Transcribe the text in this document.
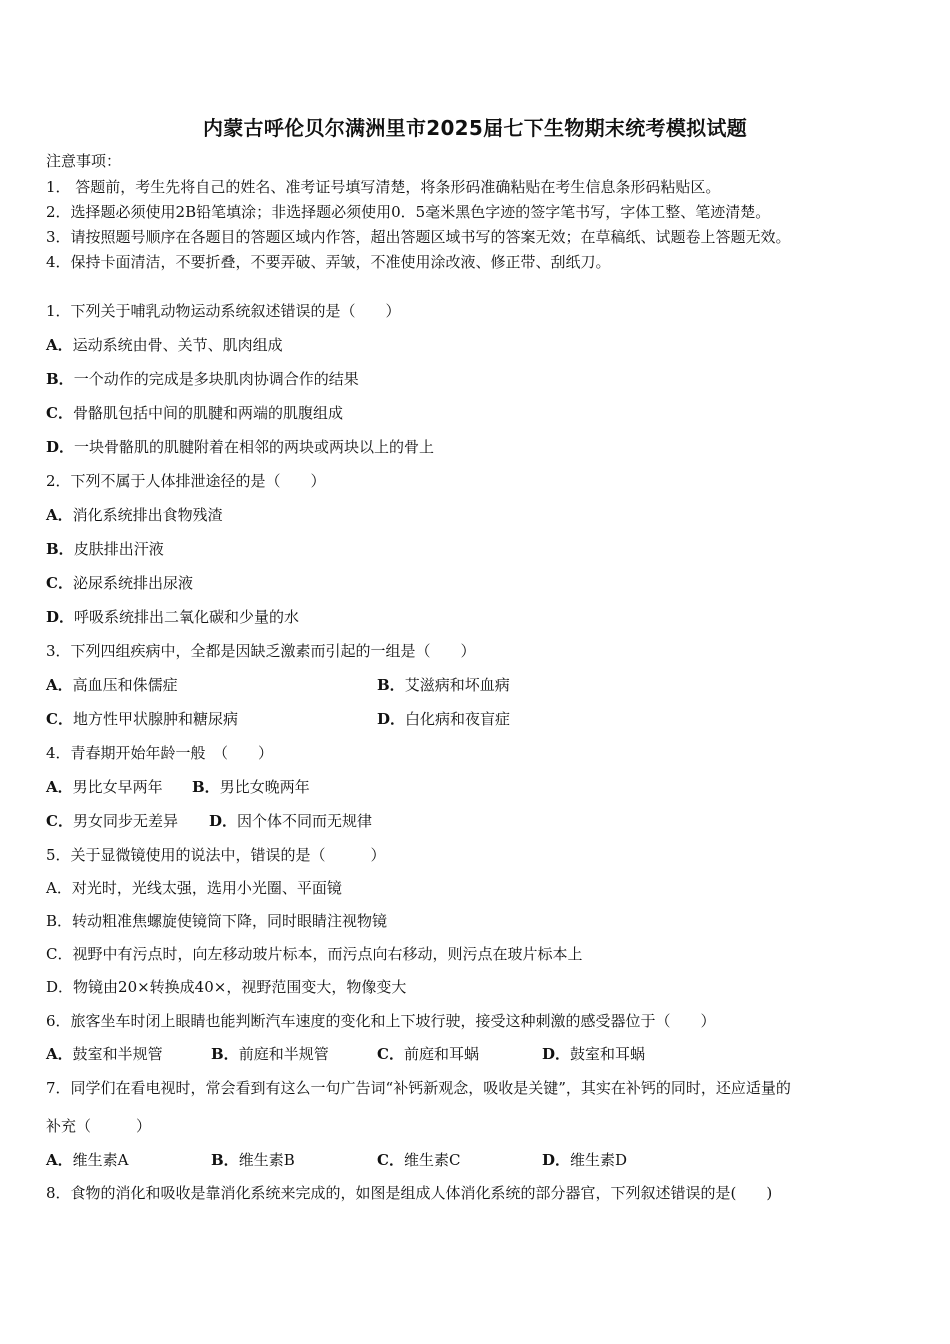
内蒙古呼伦贝尔满洲里市2025届七下生物期末统考模拟试题
注意事项：
1． 答题前，考生先将自己的姓名、准考证号填写清楚，将条形码准确粘贴在考生信息条形码粘贴区。
2．选择题必须使用2B铅笔填涂；非选择题必须使用0．5毫米黑色字迹的签字笔书写，字体工整、笔迹清楚。
3．请按照题号顺序在各题目的答题区域内作答，超出答题区域书写的答案无效；在草稿纸、试题卷上答题无效。
4．保持卡面清洁，不要折叠，不要弄破、弄皱，不准使用涂改液、修正带、刮纸刀。
1．下列关于哺乳动物运动系统叙述错误的是（　　）
A．运动系统由骨、关节、肌肉组成
B．一个动作的完成是多块肌肉协调合作的结果
C．骨骼肌包括中间的肌腱和两端的肌腹组成
D．一块骨骼肌的肌腱附着在相邻的两块或两块以上的骨上
2．下列不属于人体排泄途径的是（　　）
A．消化系统排出食物残渣
B．皮肤排出汗液
C．泌尿系统排出尿液
D．呼吸系统排出二氧化碳和少量的水
3．下列四组疾病中，全都是因缺乏激素而引起的一组是（　　）
A．高血压和侏儒症	B．艾滋病和坏血病
C．地方性甲状腺肿和糖尿病	D．白化病和夜盲症
4．青春期开始年龄一般　（　　）
A．男比女早两年 B．男比女晚两年
C．男女同步无差异 D．因个体不同而无规律
5．关于显微镜使用的说法中，错误的是（　　　）
A．对光时，光线太强，选用小光圈、平面镜
B．转动粗准焦螺旋使镜筒下降，同时眼睛注视物镜
C．视野中有污点时，向左移动玻片标本，而污点向右移动，则污点在玻片标本上
D．物镜由20×转换成40×，视野范围变大，物像变大
6．旅客坐车时闭上眼睛也能判断汽车速度的变化和上下坡行驶，接受这种刺激的感受器位于（　　）
A．鼓室和半规管	B．前庭和半规管	C．前庭和耳蜗	D．鼓室和耳蜗
7．同学们在看电视时，常会看到有这么一句广告词“补钙新观念，吸收是关键”，其实在补钙的同时，还应适量的
补充（　　　）
A．维生素A	B．维生素B	C．维生素C	D．维生素D
8．食物的消化和吸收是靠消化系统来完成的，如图是组成人体消化系统的部分器官，下列叙述错误的是(　　)
